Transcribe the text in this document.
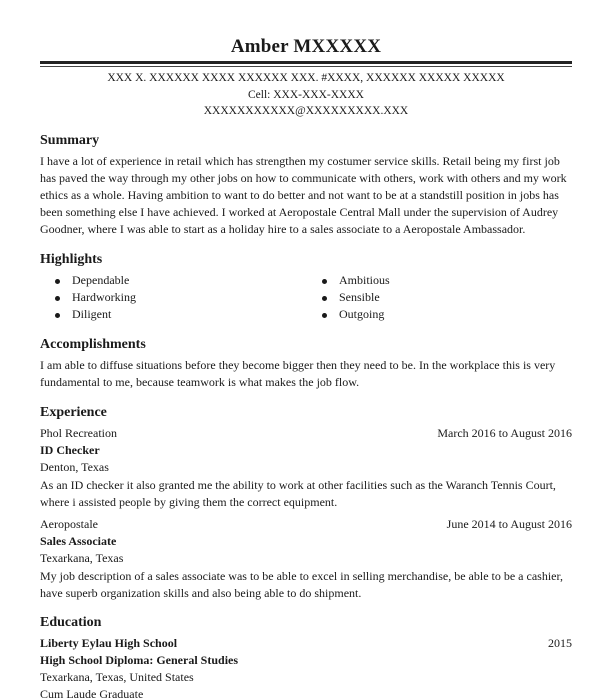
Amber MXXXXX
XXX X. XXXXXX XXXX XXXXXX XXX. #XXXX, XXXXXX XXXXX XXXXX
Cell: XXX-XXX-XXXX
XXXXXXXXXXX@XXXXXXXXX.XXX
Summary
I have a lot of experience in retail which has strengthen my costumer service skills. Retail being my first job has paved the way through my other jobs on how to communicate with others, work with others and my work ethics as a whole. Having ambition to want to do better and not want to be at a standstill position in jobs has been something else I have achieved. I worked at Aeropostale Central Mall under the supervision of Audrey Goodner, where I was able to start as a holiday hire to a sales associate to a Aeropostale Ambassador.
Highlights
Dependable
Hardworking
Diligent
Ambitious
Sensible
Outgoing
Accomplishments
I am able to diffuse situations before they become bigger then they need to be. In the workplace this is very fundamental to me, because teamwork is what makes the job flow.
Experience
Phol Recreation	March 2016 to August 2016
ID Checker
Denton, Texas
As an ID checker it also granted me the ability to work at other facilities such as the Waranch Tennis Court, where i assisted people by giving them the correct equipment.
Aeropostale	June 2014 to August 2016
Sales Associate
Texarkana, Texas
My job description of a sales associate was to be able to excel in selling merchandise, be able to be a cashier, have superb organization skills and also being able to do shipment.
Education
Liberty Eylau High School	2015
High School Diploma: General Studies
Texarkana, Texas, United States
Cum Laude Graduate
